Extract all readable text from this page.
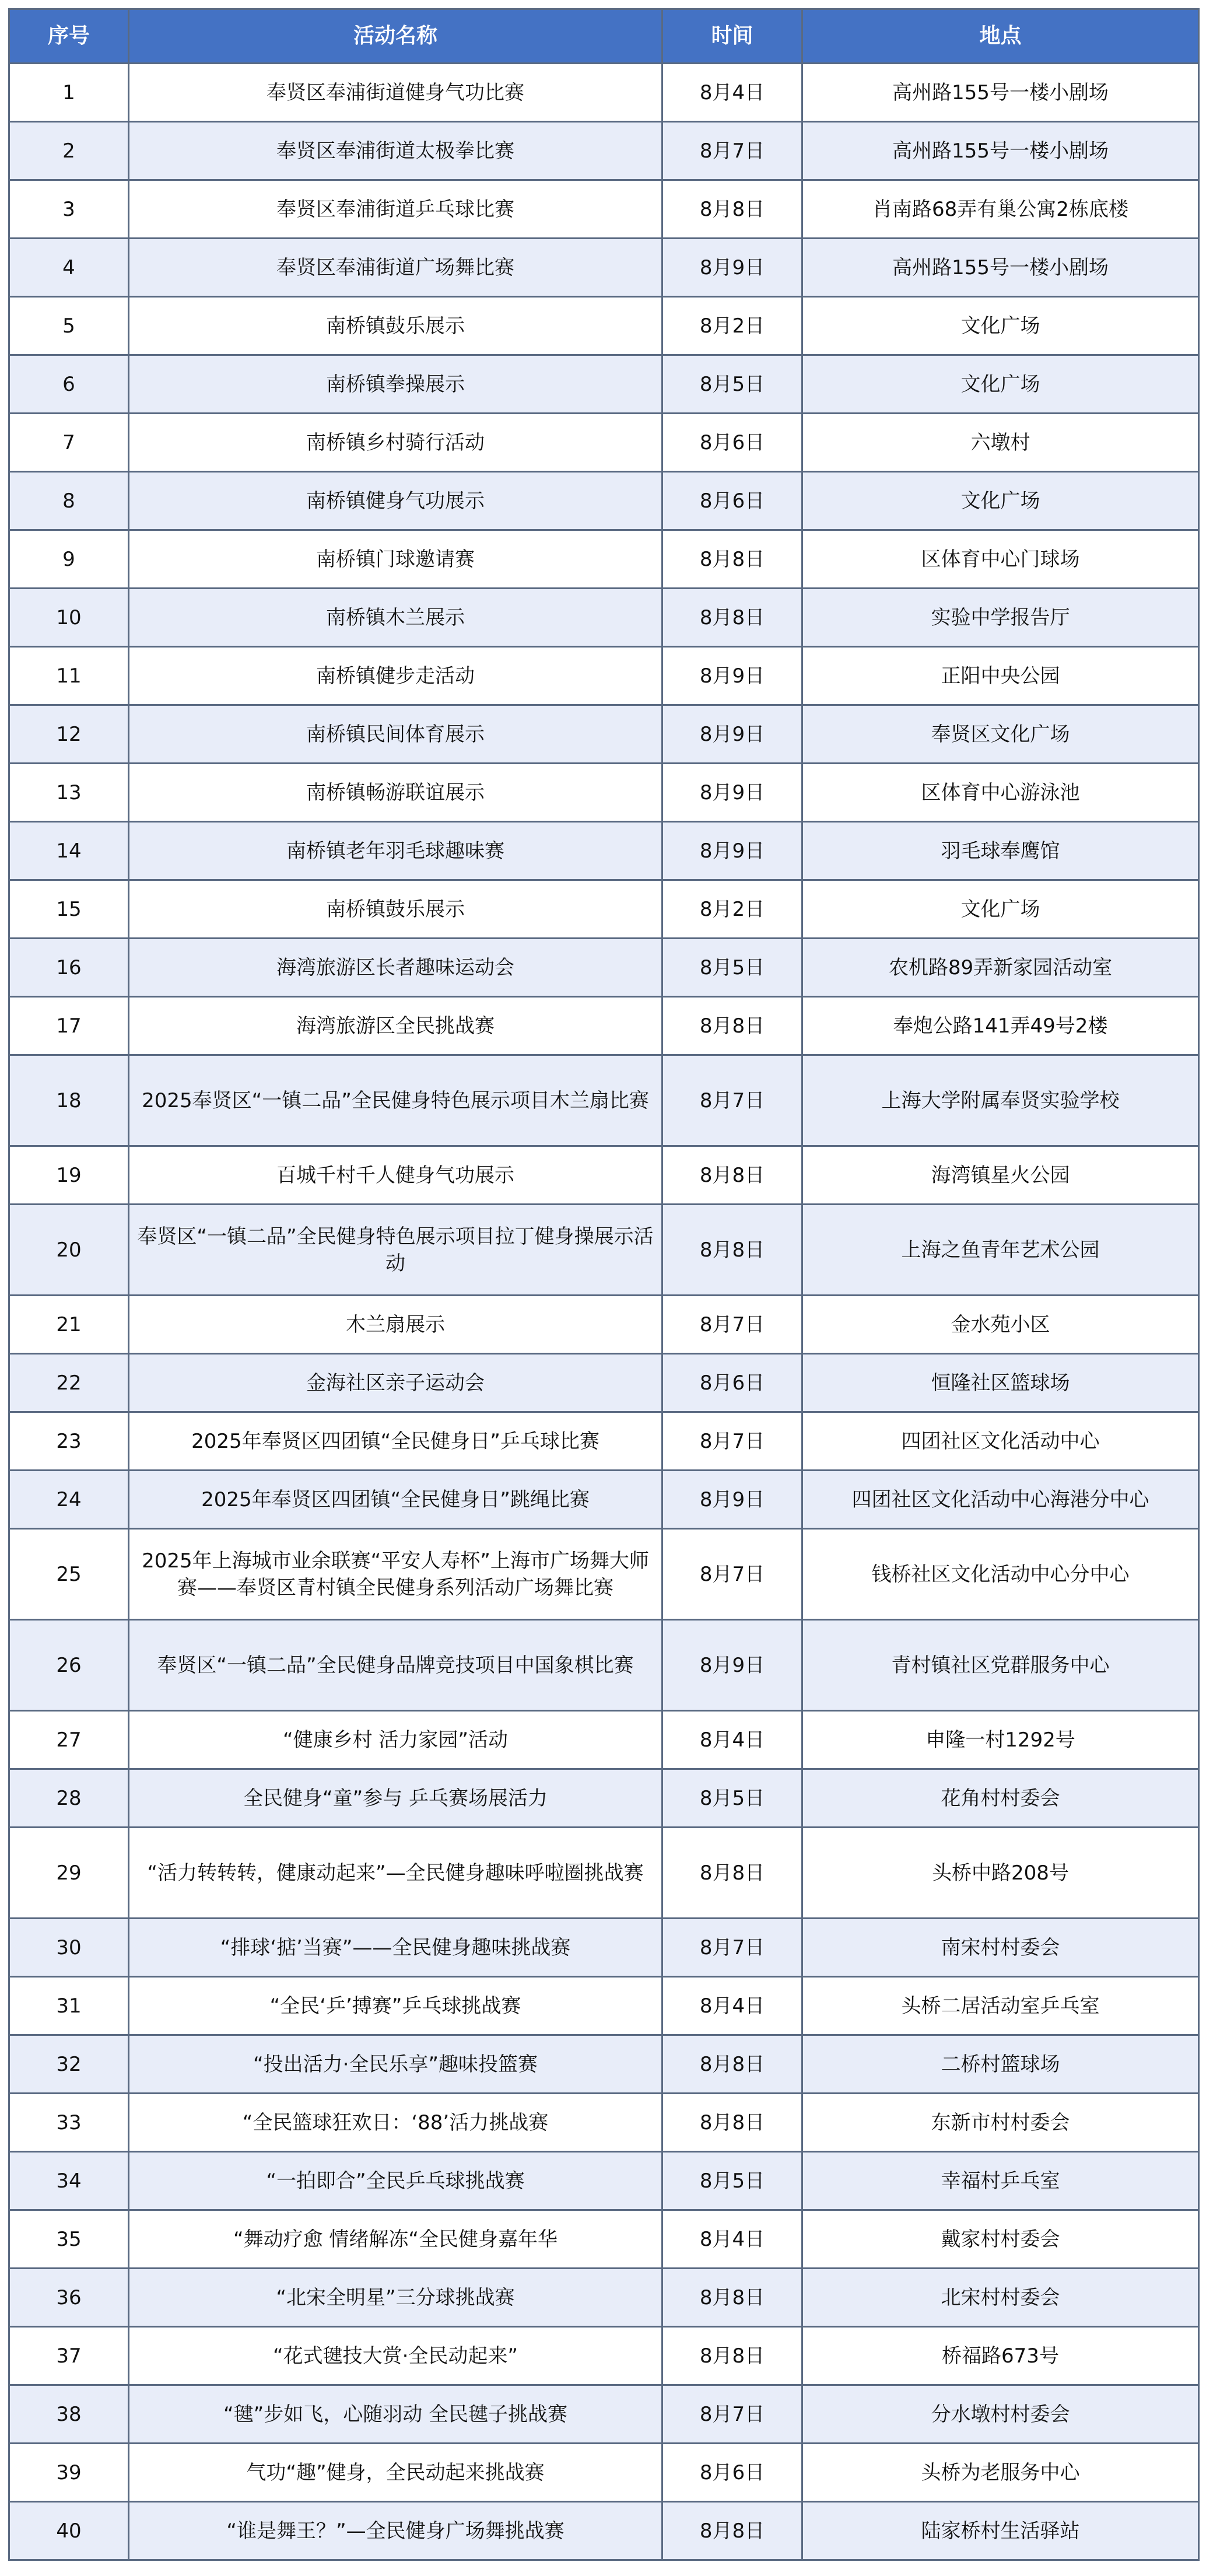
序号	活动名称	时间	地点
1	奉贤区奉浦街道健身气功比赛	8月4日	高州路155号一楼小剧场
2	奉贤区奉浦街道太极拳比赛	8月7日	高州路155号一楼小剧场
3	奉贤区奉浦街道乒乓球比赛	8月8日	肖南路68弄有巢公寓2栋底楼
4	奉贤区奉浦街道广场舞比赛	8月9日	高州路155号一楼小剧场
5	南桥镇鼓乐展示	8月2日	文化广场
6	南桥镇拳操展示	8月5日	文化广场
7	南桥镇乡村骑行活动	8月6日	六墩村
8	南桥镇健身气功展示	8月6日	文化广场
9	南桥镇门球邀请赛	8月8日	区体育中心门球场
10	南桥镇木兰展示	8月8日	实验中学报告厅
11	南桥镇健步走活动	8月9日	正阳中央公园
12	南桥镇民间体育展示	8月9日	奉贤区文化广场
13	南桥镇畅游联谊展示	8月9日	区体育中心游泳池
14	南桥镇老年羽毛球趣味赛	8月9日	羽毛球奉鹰馆
15	南桥镇鼓乐展示	8月2日	文化广场
16	海湾旅游区长者趣味运动会	8月5日	农机路89弄新家园活动室
17	海湾旅游区全民挑战赛	8月8日	奉炮公路141弄49号2楼
18	2025奉贤区“一镇二品”全民健身特色展示项目木兰扇比赛	8月7日	上海大学附属奉贤实验学校
19	百城千村千人健身气功展示	8月8日	海湾镇星火公园
20	奉贤区“一镇二品”全民健身特色展示项目拉丁健身操展示活动	8月8日	上海之鱼青年艺术公园
21	木兰扇展示	8月7日	金水苑小区
22	金海社区亲子运动会	8月6日	恒隆社区篮球场
23	2025年奉贤区四团镇“全民健身日”乒乓球比赛	8月7日	四团社区文化活动中心
24	2025年奉贤区四团镇“全民健身日”跳绳比赛	8月9日	四团社区文化活动中心海港分中心
25	2025年上海城市业余联赛“平安人寿杯”上海市广场舞大师赛——奉贤区青村镇全民健身系列活动广场舞比赛	8月7日	钱桥社区文化活动中心分中心
26	奉贤区“一镇二品”全民健身品牌竞技项目中国象棋比赛	8月9日	青村镇社区党群服务中心
27	“健康乡村 活力家园”活动	8月4日	申隆一村1292号
28	全民健身“童”参与 乒乓赛场展活力	8月5日	花角村村委会
29	“活力转转转，健康动起来”—全民健身趣味呼啦圈挑战赛	8月8日	头桥中路208号
30	“排球‘掂’当赛”——全民健身趣味挑战赛	8月7日	南宋村村委会
31	“全民‘乒’搏赛”乒乓球挑战赛	8月4日	头桥二居活动室乒乓室
32	“投出活力·全民乐享”趣味投篮赛	8月8日	二桥村篮球场
33	“全民篮球狂欢日：‘88’活力挑战赛	8月8日	东新市村村委会
34	“一拍即合”全民乒乓球挑战赛	8月5日	幸福村乒乓室
35	“舞动疗愈 情绪解冻“全民健身嘉年华	8月4日	戴家村村委会
36	“北宋全明星”三分球挑战赛	8月8日	北宋村村委会
37	“花式毽技大赏·全民动起来”	8月8日	桥福路673号
38	“毽”步如飞，心随羽动 全民毽子挑战赛	8月7日	分水墩村村委会
39	气功“趣”健身，全民动起来挑战赛	8月6日	头桥为老服务中心
40	“谁是舞王？”—全民健身广场舞挑战赛	8月8日	陆家桥村生活驿站
